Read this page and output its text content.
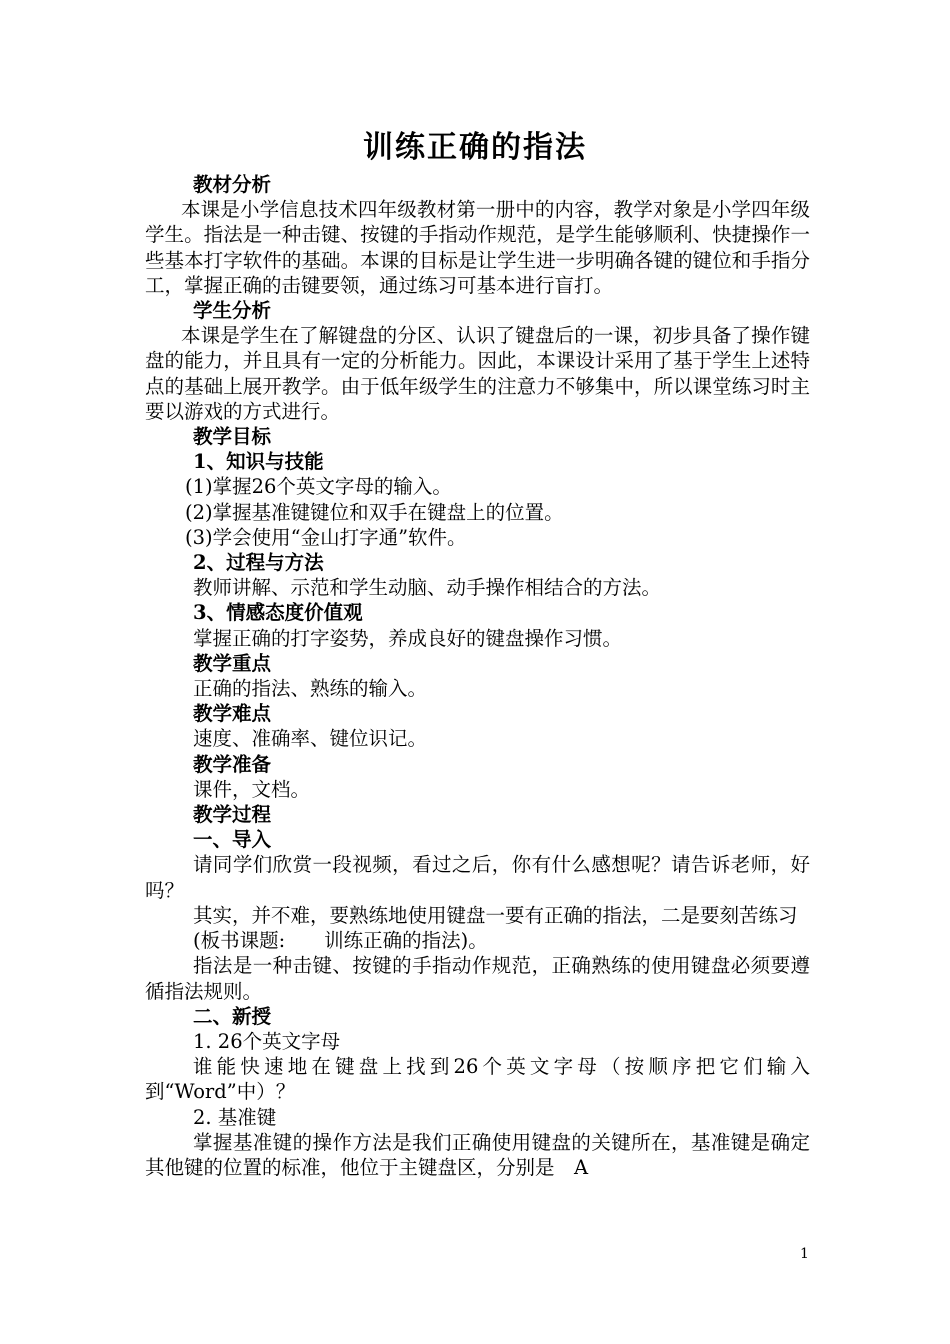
训练正确的指法

教材分析

本课是小学信息技术四年级教材第一册中的内容，教学对象是小学四年级学生。指法是一种击键、按键的手指动作规范，是学生能够顺利、快捷操作一些基本打字软件的基础。本课的目标是让学生进一步明确各键的键位和手指分工，掌握正确的击键要领，通过练习可基本进行盲打。

学生分析

本课是学生在了解键盘的分区、认识了键盘后的一课，初步具备了操作键盘的能力，并且具有一定的分析能力。因此，本课设计采用了基于学生上述特点的基础上展开教学。由于低年级学生的注意力不够集中，所以课堂练习时主要以游戏的方式进行。

教学目标

1、知识与技能

(1)掌握26个英文字母的输入。

(2)掌握基准键键位和双手在键盘上的位置。

(3)学会使用“金山打字通”软件。

2、过程与方法

教师讲解、示范和学生动脑、动手操作相结合的方法。

3、情感态度价值观

掌握正确的打字姿势，养成良好的键盘操作习惯。

教学重点

正确的指法、熟练的输入。

教学难点

速度、准确率、键位识记。

教学准备

课件，文档。

教学过程

一、导入

请同学们欣赏一段视频，看过之后，你有什么感想呢？请告诉老师，好吗？

其实，并不难，要熟练地使用键盘一要有正确的指法，二是要刻苦练习

(板书课题:　　训练正确的指法)。

指法是一种击键、按键的手指动作规范，正确熟练的使用键盘必须要遵循指法规则。

二、新授

1. 26个英文字母

谁能快速地在键盘上找到26个英文字母（按顺序把它们输入到“Word”中）？

2. 基准键

掌握基准键的操作方法是我们正确使用键盘的关键所在，基准键是确定其他键的位置的标准，他位于主键盘区，分别是　A

1
